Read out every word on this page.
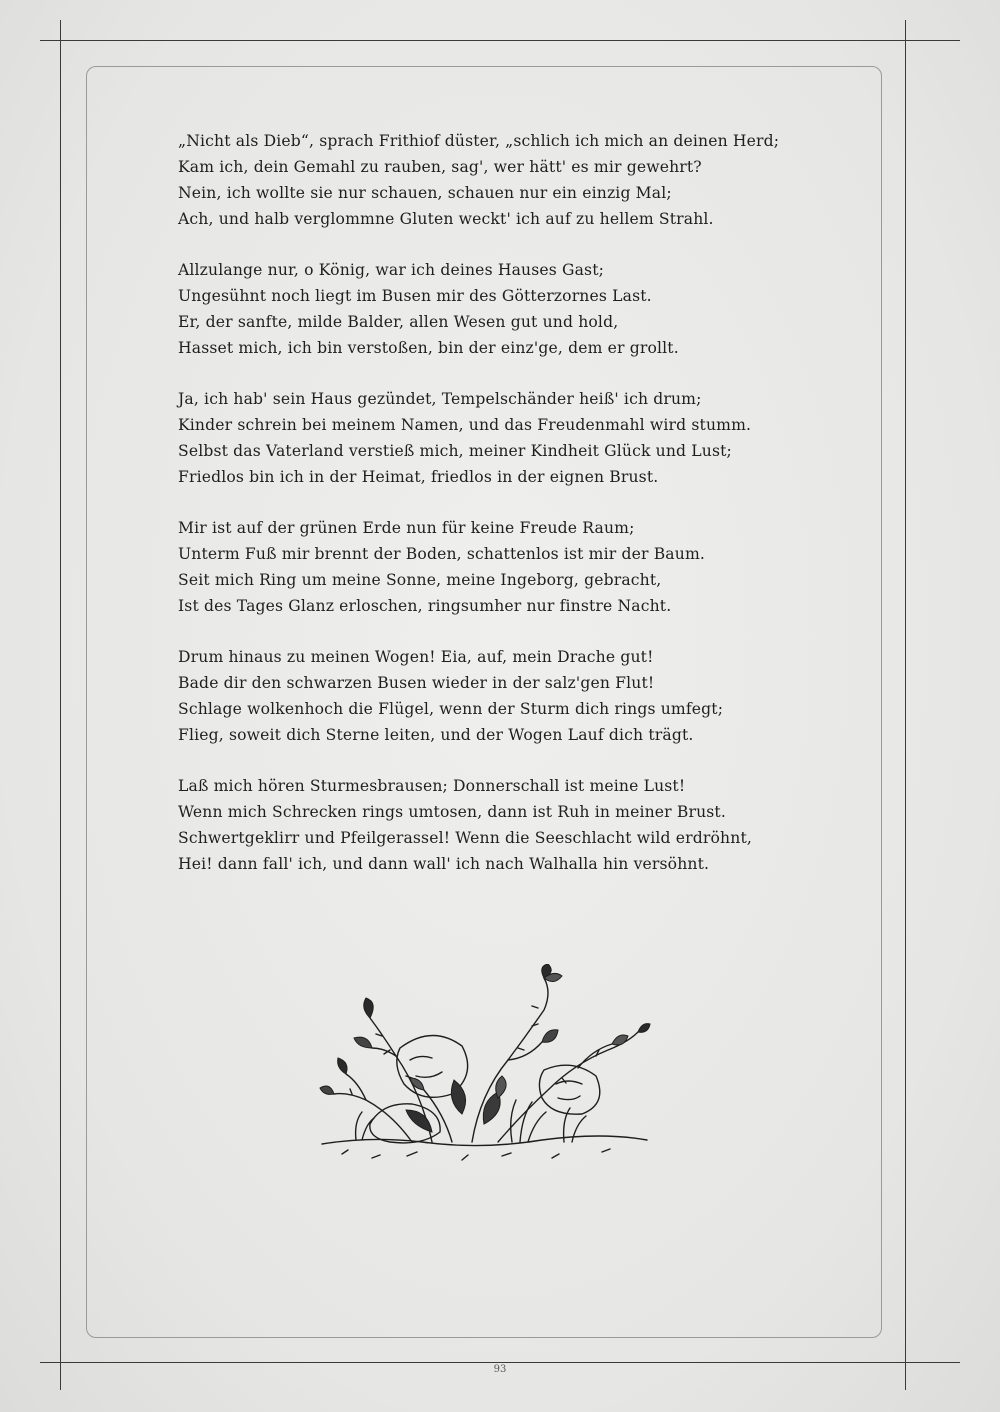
„Nicht als Dieb“, sprach Frithiof düster, „schlich ich mich an deinen Herd;
Kam ich, dein Gemahl zu rauben, sag', wer hätt' es mir gewehrt?
Nein, ich wollte sie nur schauen, schauen nur ein einzig Mal;
Ach, und halb verglommne Gluten weckt' ich auf zu hellem Strahl.
Allzulange nur, o König, war ich deines Hauses Gast;
Ungesühnt noch liegt im Busen mir des Götterzornes Last.
Er, der sanfte, milde Balder, allen Wesen gut und hold,
Hasset mich, ich bin verstoßen, bin der einz'ge, dem er grollt.
Ja, ich hab' sein Haus gezündet, Tempelschänder heiß' ich drum;
Kinder schrein bei meinem Namen, und das Freudenmahl wird stumm.
Selbst das Vaterland verstieß mich, meiner Kindheit Glück und Lust;
Friedlos bin ich in der Heimat, friedlos in der eignen Brust.
Mir ist auf der grünen Erde nun für keine Freude Raum;
Unterm Fuß mir brennt der Boden, schattenlos ist mir der Baum.
Seit mich Ring um meine Sonne, meine Ingeborg, gebracht,
Ist des Tages Glanz erloschen, ringsumher nur finstre Nacht.
Drum hinaus zu meinen Wogen! Eia, auf, mein Drache gut!
Bade dir den schwarzen Busen wieder in der salz'gen Flut!
Schlage wolkenhoch die Flügel, wenn der Sturm dich rings umfegt;
Flieg, soweit dich Sterne leiten, und der Wogen Lauf dich trägt.
Laß mich hören Sturmesbrausen; Donnerschall ist meine Lust!
Wenn mich Schrecken rings umtosen, dann ist Ruh in meiner Brust.
Schwertgeklirr und Pfeilgerassel! Wenn die Seeschlacht wild erdröhnt,
Hei! dann fall' ich, und dann wall' ich nach Walhalla hin versöhnt.
93
